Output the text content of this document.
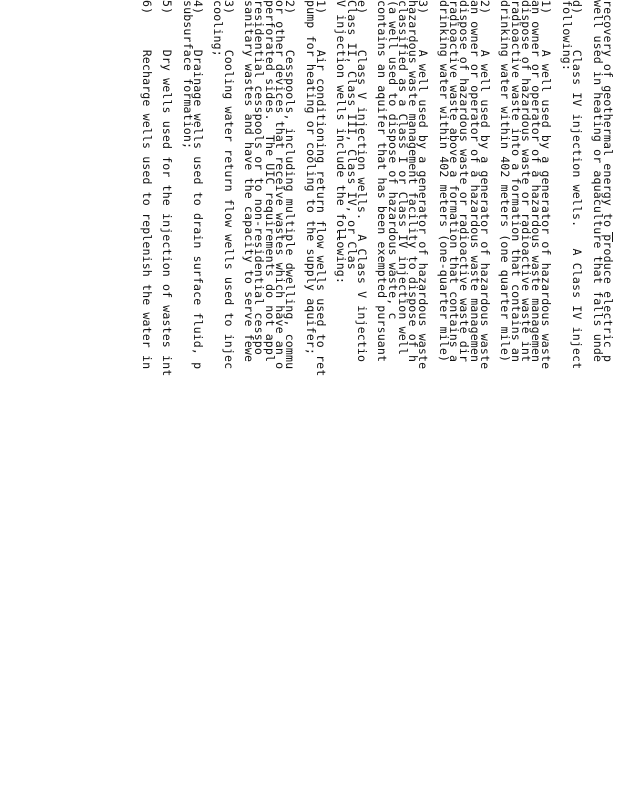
recovery of geothermal energy to produce electric p
well used in heating or aquaculture that falls unde
d)     Class IV injection wells.   A Class IV inject
following:
1)     A well used by a generator of hazardous waste
an owner or operator of a hazardous waste managemen
dispose of hazardous waste or radioactive waste int
radioactive waste into a formation that contains an
drinking water within 402 meters (one quarter mile)
2)     A well used by a generator of hazardous waste
an owner or operator of a hazardous waste managemen
dispose of hazardous waste or radioactive waste dir
radioactive waste above a formation that contains a
drinking water within 402 meters (one-quarter mile)
3)     A well used by a generator of hazardous waste
hazardous waste management facility to dispose of h
classified as a Class I or Class IV injection well
(a well used to dispose of hazardous waste, c
contains an aquifer that has been exempted pursuant
e)     Class V injection wells.  A Class V injectio
Class II, Class III, Class IV, or Clas
V injection wells include the following:
1)     Air conditioning return flow wells used to ret
pump for heating or cooling to the supply aquifer;
2)     Cesspools, including multiple dwelling, commu
or other devices that receive wastes which have an o
perforated sides.  The UIC requirements do not appl
residential cesspools or to non-residential cesspo
sanitary wastes and have the capacity to serve fewe
3)     Cooling water return flow wells used to injec
cooling;
4)     Drainage wells used to drain surface fluid, p
subsurface formation;
5)     Dry wells used for the injection of wastes int
6)     Recharge wells used to replenish the water in
